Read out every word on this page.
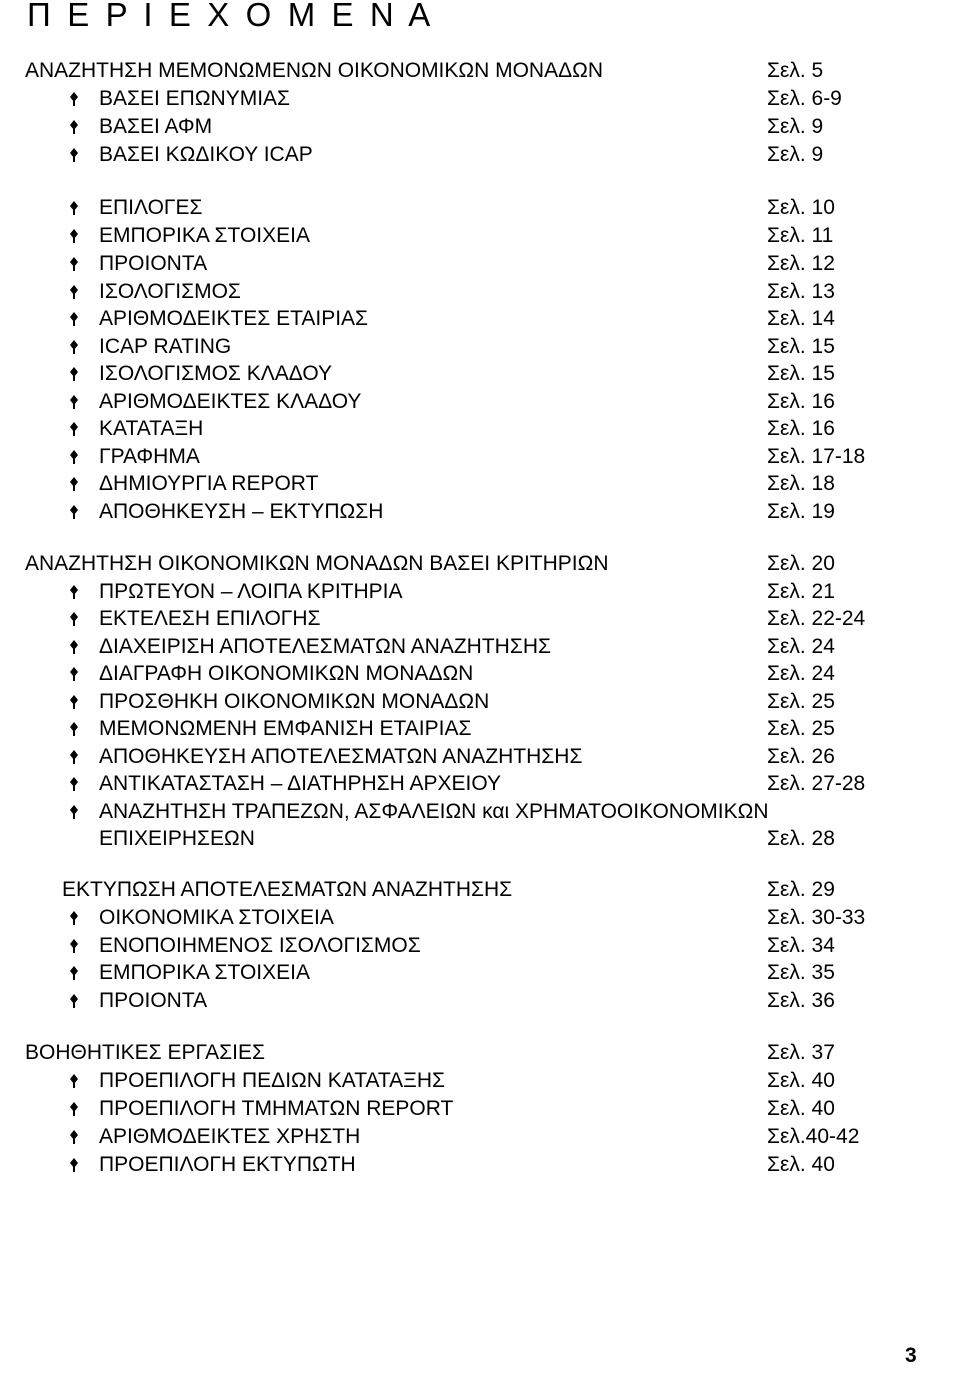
Π Ε Ρ Ι Ε Χ Ο Μ Ε Ν Α
ΑΝΑΖΗΤΗΣΗ ΜΕΜΟΝΩΜΕΝΩΝ ΟΙΚΟΝΟΜΙΚΩΝ ΜΟΝΑΔΩΝ	Σελ. 5
ΒΑΣΕΙ ΕΠΩΝΥΜΙΑΣ	Σελ. 6-9
ΒΑΣΕΙ ΑΦΜ	Σελ. 9
ΒΑΣΕΙ ΚΩΔΙΚΟΥ ICAP	Σελ. 9
ΕΠΙΛΟΓΕΣ	Σελ. 10
ΕΜΠΟΡΙΚΑ ΣΤΟΙΧΕΙΑ	Σελ. 11
ΠΡΟΙΟΝΤΑ	Σελ. 12
ΙΣΟΛΟΓΙΣΜΟΣ	Σελ. 13
ΑΡΙΘΜΟΔΕΙΚΤΕΣ ΕΤΑΙΡΙΑΣ	Σελ. 14
ICAP RATING	Σελ. 15
ΙΣΟΛΟΓΙΣΜΟΣ ΚΛΑΔΟΥ	Σελ. 15
ΑΡΙΘΜΟΔΕΙΚΤΕΣ ΚΛΑΔΟΥ	Σελ. 16
ΚΑΤΑΤΑΞΗ	Σελ. 16
ΓΡΑΦΗΜΑ	Σελ. 17-18
ΔΗΜΙΟΥΡΓΙΑ REPORT	Σελ. 18
ΑΠΟΘΗΚΕΥΣΗ – ΕΚΤΥΠΩΣΗ	Σελ. 19
ΑΝΑΖΗΤΗΣΗ ΟΙΚΟΝΟΜΙΚΩΝ ΜΟΝΑΔΩΝ ΒΑΣΕΙ ΚΡΙΤΗΡΙΩΝ	Σελ. 20
ΠΡΩΤΕΥΟΝ – ΛΟΙΠΑ ΚΡΙΤΗΡΙΑ	Σελ. 21
ΕΚΤΕΛΕΣΗ ΕΠΙΛΟΓΗΣ	Σελ. 22-24
ΔΙΑΧΕΙΡΙΣΗ ΑΠΟΤΕΛΕΣΜΑΤΩΝ ΑΝΑΖΗΤΗΣΗΣ	Σελ. 24
ΔΙΑΓΡΑΦΗ ΟΙΚΟΝΟΜΙΚΩΝ ΜΟΝΑΔΩΝ	Σελ. 24
ΠΡΟΣΘΗΚΗ ΟΙΚΟΝΟΜΙΚΩΝ ΜΟΝΑΔΩΝ	Σελ. 25
ΜΕΜΟΝΩΜΕΝΗ ΕΜΦΑΝΙΣΗ ΕΤΑΙΡΙΑΣ	Σελ. 25
ΑΠΟΘΗΚΕΥΣΗ ΑΠΟΤΕΛΕΣΜΑΤΩΝ ΑΝΑΖΗΤΗΣΗΣ	Σελ. 26
ΑΝΤΙΚΑΤΑΣΤΑΣΗ – ΔΙΑΤΗΡΗΣΗ ΑΡΧΕΙΟΥ	Σελ. 27-28
ΑΝΑΖΗΤΗΣΗ ΤΡΑΠΕΖΩΝ, ΑΣΦΑΛΕΙΩΝ και ΧΡΗΜΑΤΟΟΙΚΟΝΟΜΙΚΩΝ
ΕΠΙΧΕΙΡΗΣΕΩΝ	Σελ. 28
ΕΚΤΥΠΩΣΗ ΑΠΟΤΕΛΕΣΜΑΤΩΝ ΑΝΑΖΗΤΗΣΗΣ	Σελ. 29
ΟΙΚΟΝΟΜΙΚΑ ΣΤΟΙΧΕΙΑ	Σελ. 30-33
ΕΝΟΠΟΙΗΜΕΝΟΣ ΙΣΟΛΟΓΙΣΜΟΣ	Σελ. 34
ΕΜΠΟΡΙΚΑ ΣΤΟΙΧΕΙΑ	Σελ. 35
ΠΡΟΙΟΝΤΑ	Σελ. 36
ΒΟΗΘΗΤΙΚΕΣ ΕΡΓΑΣΙΕΣ	Σελ. 37
ΠΡΟΕΠΙΛΟΓΗ ΠΕΔΙΩΝ ΚΑΤΑΤΑΞΗΣ	Σελ. 40
ΠΡΟΕΠΙΛΟΓΗ ΤΜΗΜΑΤΩΝ REPORT	Σελ. 40
ΑΡΙΘΜΟΔΕΙΚΤΕΣ ΧΡΗΣΤΗ	Σελ.40-42
ΠΡΟΕΠΙΛΟΓΗ ΕΚΤΥΠΩΤΗ	Σελ. 40
3
